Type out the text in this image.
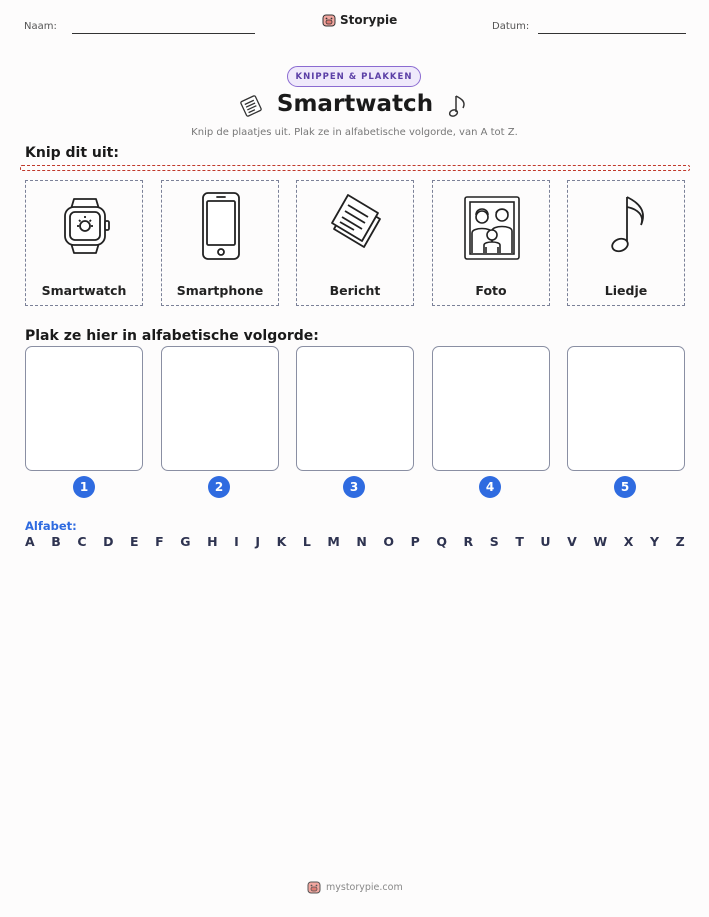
Naam:	Storypie	Datum:
KNIPPEN & PLAKKEN
Smartwatch
Knip de plaatjes uit. Plak ze in alfabetische volgorde, van A tot Z.
Knip dit uit:
Smartwatch	Smartphone	Bericht	Foto	Liedje
Plak ze hier in alfabetische volgorde:
1	2	3	4	5
Alfabet:
A B C D E F G H I J K L M N O P Q R S T U V W X Y Z
mystorypie.com
